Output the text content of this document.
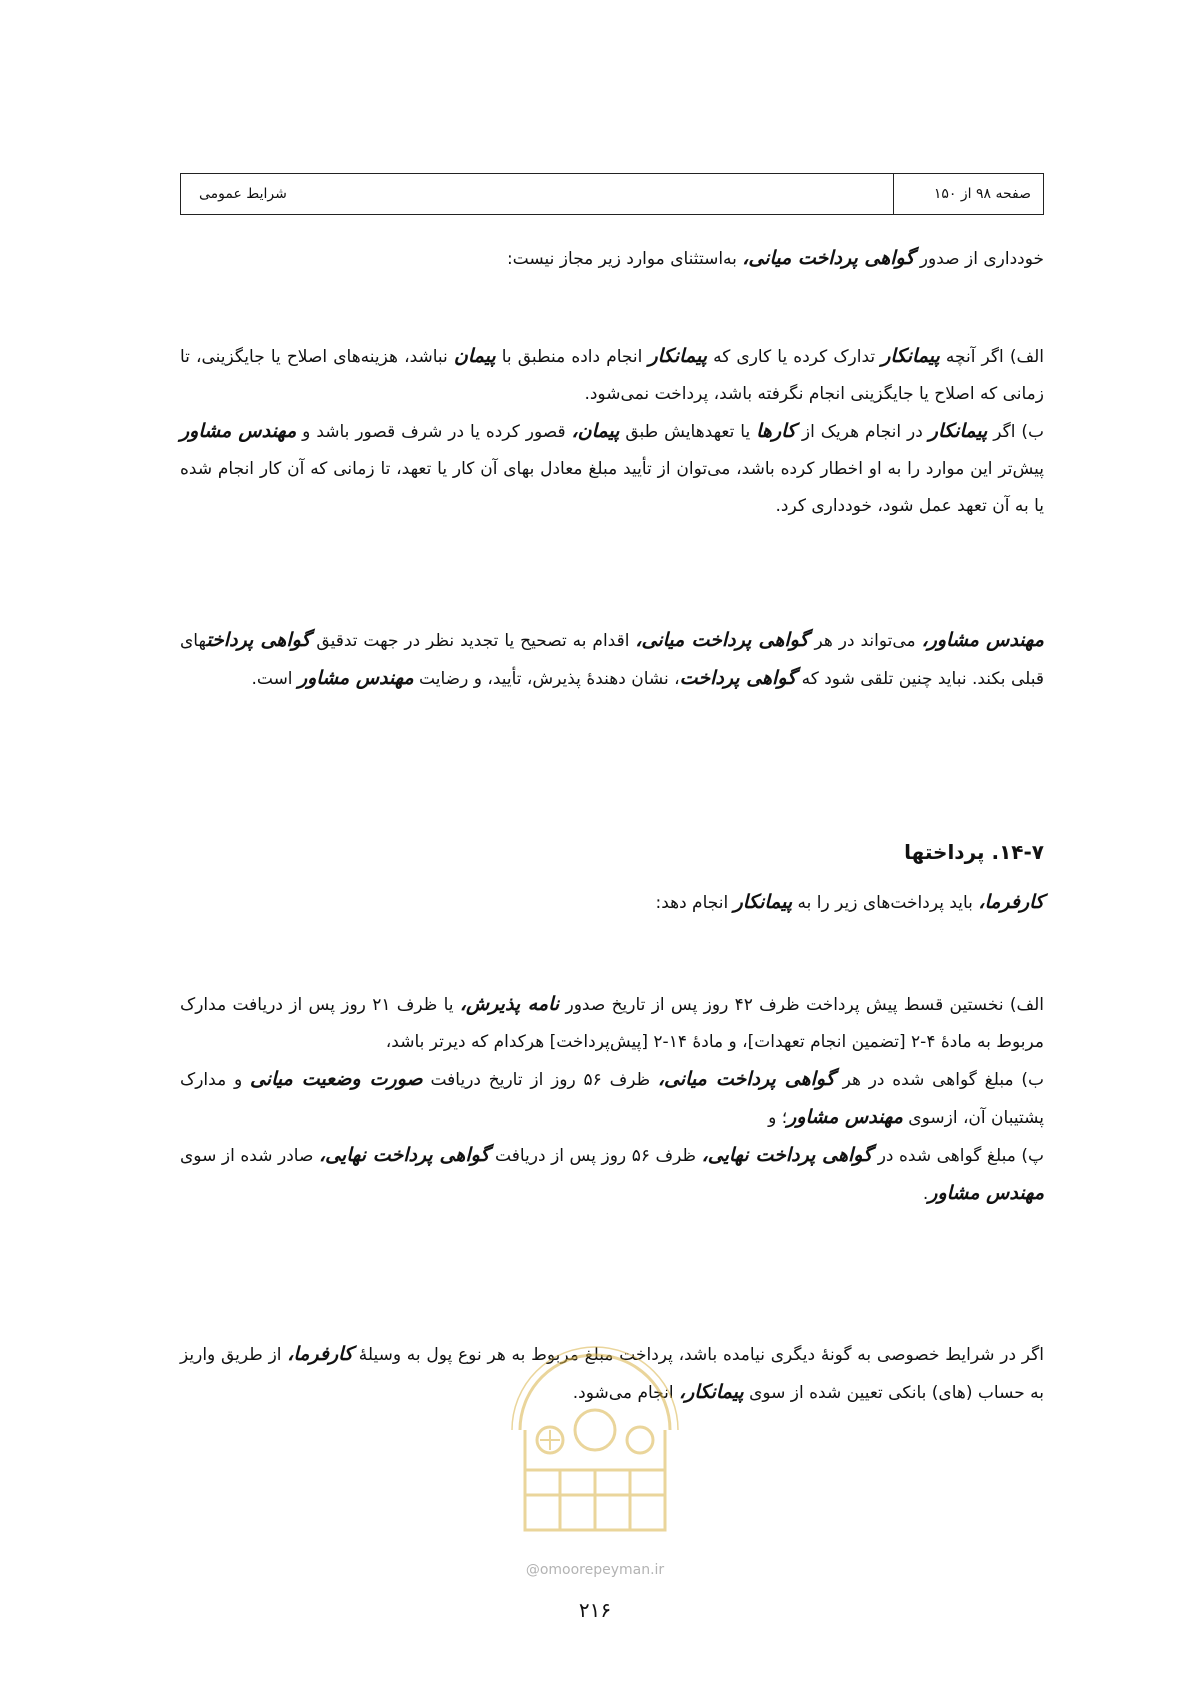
صفحه ۹۸ از ۱۵۰
شرایط عمومی

خودداری از صدور گواهی پرداخت میانی، به‌استثنای موارد زیر مجاز نیست:

الف) اگر آنچه پیمانکار تدارک کرده یا کاری که پیمانکار انجام داده منطبق با پیمان نباشد، هزینه‌های اصلاح یا جایگزینی، تا زمانی که اصلاح یا جایگزینی انجام نگرفته باشد، پرداخت نمی‌شود.

ب) اگر پیمانکار در انجام هریک از کارها یا تعهدهایش طبق پیمان، قصور کرده یا در شرف قصور باشد و مهندس مشاور پیش‌تر این موارد را به او اخطار کرده باشد، می‌توان از تأیید مبلغ معادل بهای آن کار یا تعهد، تا زمانی که آن کار انجام شده یا به آن تعهد عمل شود، خودداری کرد.

مهندس مشاور، می‌تواند در هر گواهی پرداخت میانی، اقدام به تصحیح یا تجدید نظر در جهت تدقیق گواهی پرداختهای قبلی بکند. نباید چنین تلقی شود که گواهی پرداخت، نشان دهندهٔ پذیرش، تأیید، و رضایت مهندس مشاور است.

۱۴-۷. پرداختها

کارفرما، باید پرداخت‌های زیر را به پیمانکار انجام دهد:

الف) نخستین قسط پیش پرداخت ظرف ۴۲ روز پس از تاریخ صدور نامه پذیرش، یا ظرف ۲۱ روز پس از دریافت مدارک مربوط به مادهٔ ۴-۲ [تضمین انجام تعهدات]، و مادهٔ ۱۴-۲ [پیش‌پرداخت] هرکدام که دیرتر باشد،

ب) مبلغ گواهی شده در هر گواهی پرداخت میانی، ظرف ۵۶ روز از تاریخ دریافت صورت وضعیت میانی و مدارک پشتیبان آن، ازسوی مهندس مشاور؛ و

پ) مبلغ گواهی شده در گواهی پرداخت نهایی، ظرف ۵۶ روز پس از دریافت گواهی پرداخت نهایی، صادر شده از سوی مهندس مشاور.

اگر در شرایط خصوصی به گونهٔ دیگری نیامده باشد، پرداخت مبلغ مربوط به هر نوع پول به وسیلهٔ کارفرما، از طریق واریز به حساب (های) بانکی تعیین شده از سوی پیمانکار، انجام می‌شود.

@omoorepeyman.ir
۲۱۶
